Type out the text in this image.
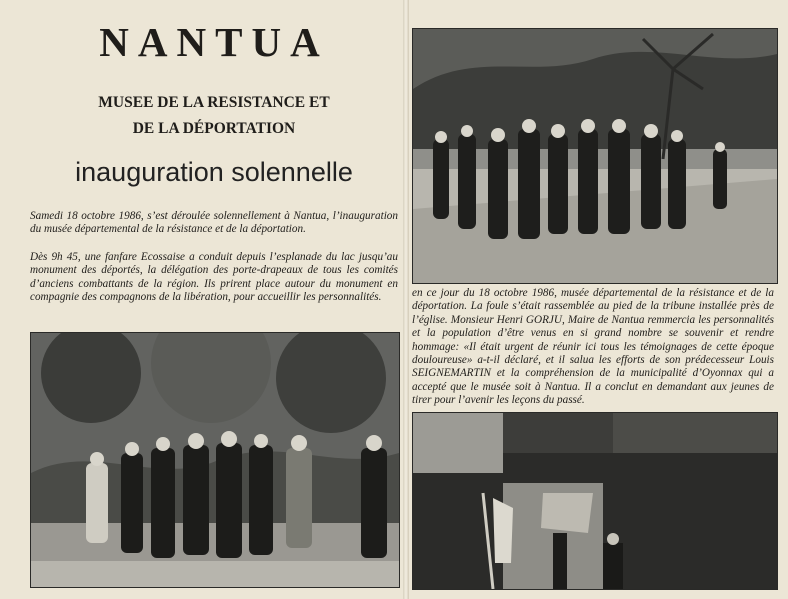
NANTUA
MUSEE DE LA RESISTANCE ET
DE LA DÉPORTATION
inauguration solennelle

Samedi 18 octobre 1986, s’est déroulée solennellement à Nantua, l’inauguration du musée départemental de la résistance et de la déportation.

Dès 9h 45, une fanfare Ecossaise a conduit depuis l’esplanade du lac jusqu’au monument des déportés, la délégation des porte-drapeaux de tous les comités d’anciens combattants de la région. Ils prirent place autour du monument en compagnie des compagnons de la libération, pour accueillir les personnalités.	en ce jour du 18 octobre 1986, musée départemental de la résistance et de la déportation. La foule s’était rassemblée au pied de la tribune installée près de l’église. Monsieur Henri GORJU, Maire de Nantua remmercia les personnalités et la population d’être venus en si grand nombre se souvenir et rendre hommage: «Il était urgent de réunir ici tous les témoignages de cette époque douloureuse» a-t-il déclaré, et il salua les efforts de son prédecesseur Louis SEIGNEMARTIN et la compréhension de la municipalité d’Oyonnax qui a accepté que le musée soit à Nantua. Il a conclut en demandant aux jeunes de tirer pour l’avenir les leçons du passé.
